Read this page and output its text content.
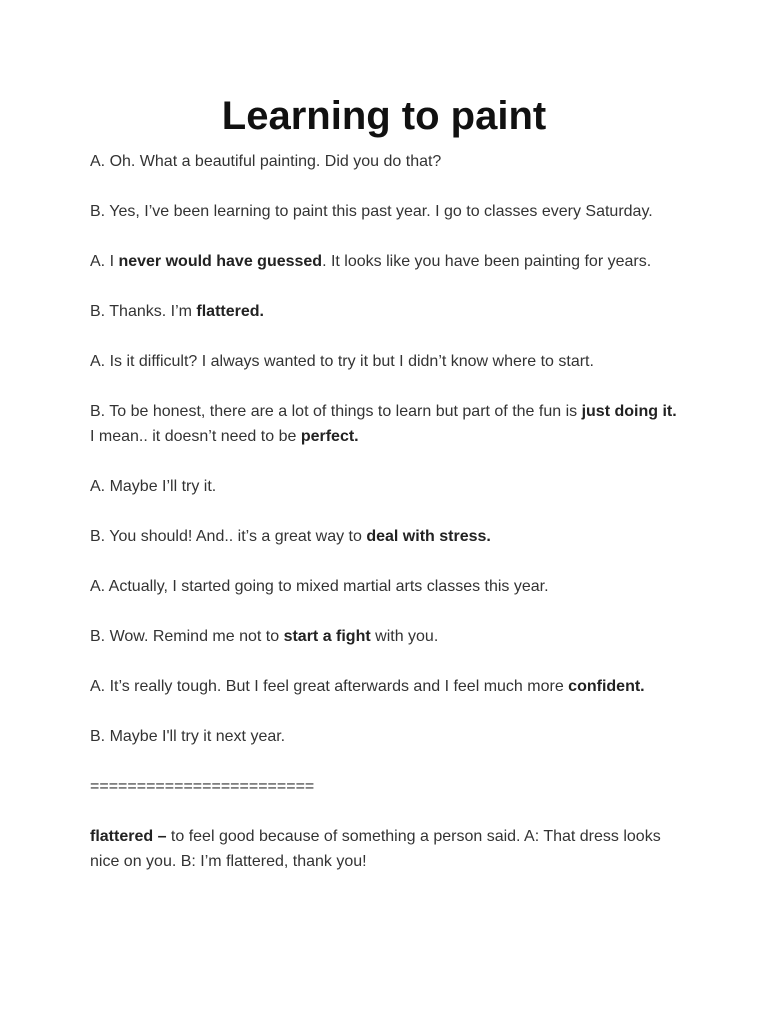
Learning to paint

A. Oh. What a beautiful painting. Did you do that?

B. Yes, I’ve been learning to paint this past year. I go to classes every Saturday.

A. I never would have guessed. It looks like you have been painting for years.

B. Thanks. I’m flattered.

A. Is it difficult? I always wanted to try it but I didn’t know where to start.

B. To be honest, there are a lot of things to learn but part of the fun is just doing it. I mean.. it doesn’t need to be perfect.

A. Maybe I’ll try it.

B. You should! And.. it’s a great way to deal with stress.

A. Actually, I started going to mixed martial arts classes this year.

B. Wow. Remind me not to start a fight with you.

A. It’s really tough. But I feel great afterwards and I feel much more confident.

B. Maybe I'll try it next year.

========================

flattered – to feel good because of something a person said. A: That dress looks nice on you. B: I’m flattered, thank you!
